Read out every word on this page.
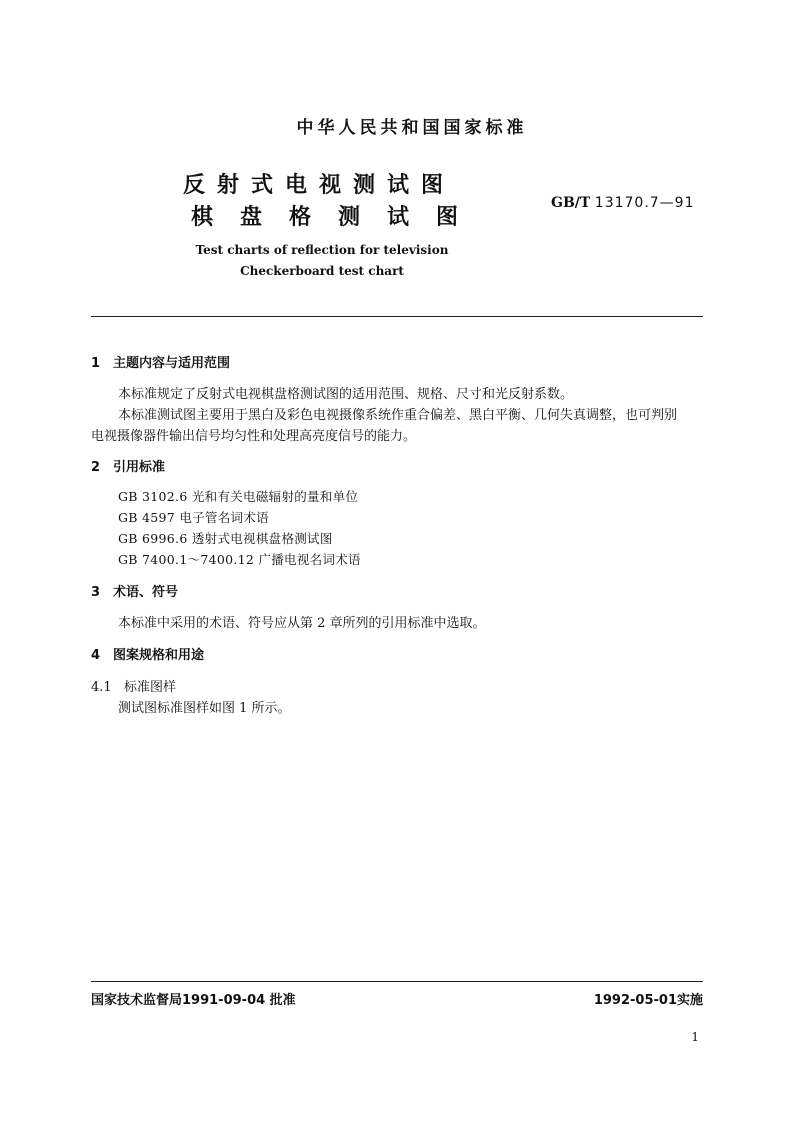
中华人民共和国国家标准
反射式电视测试图
棋盘格测试图
GB/T 13170.7—91
Test charts of reflection for television
Checkerboard test chart
1 主题内容与适用范围
本标准规定了反射式电视棋盘格测试图的适用范围、规格、尺寸和光反射系数。
本标准测试图主要用于黑白及彩色电视摄像系统作重合偏差、黑白平衡、几何失真调整，也可判别
电视摄像器件输出信号均匀性和处理高亮度信号的能力。
2 引用标准
GB 3102.6 光和有关电磁辐射的量和单位
GB 4597 电子管名词术语
GB 6996.6 透射式电视棋盘格测试图
GB 7400.1～7400.12 广播电视名词术语
3 术语、符号
本标准中采用的术语、符号应从第 2 章所列的引用标准中选取。
4 图案规格和用途
4.1 标准图样
测试图标准图样如图 1 所示。
国家技术监督局1991-09-04 批准	1992-05-01实施
1
